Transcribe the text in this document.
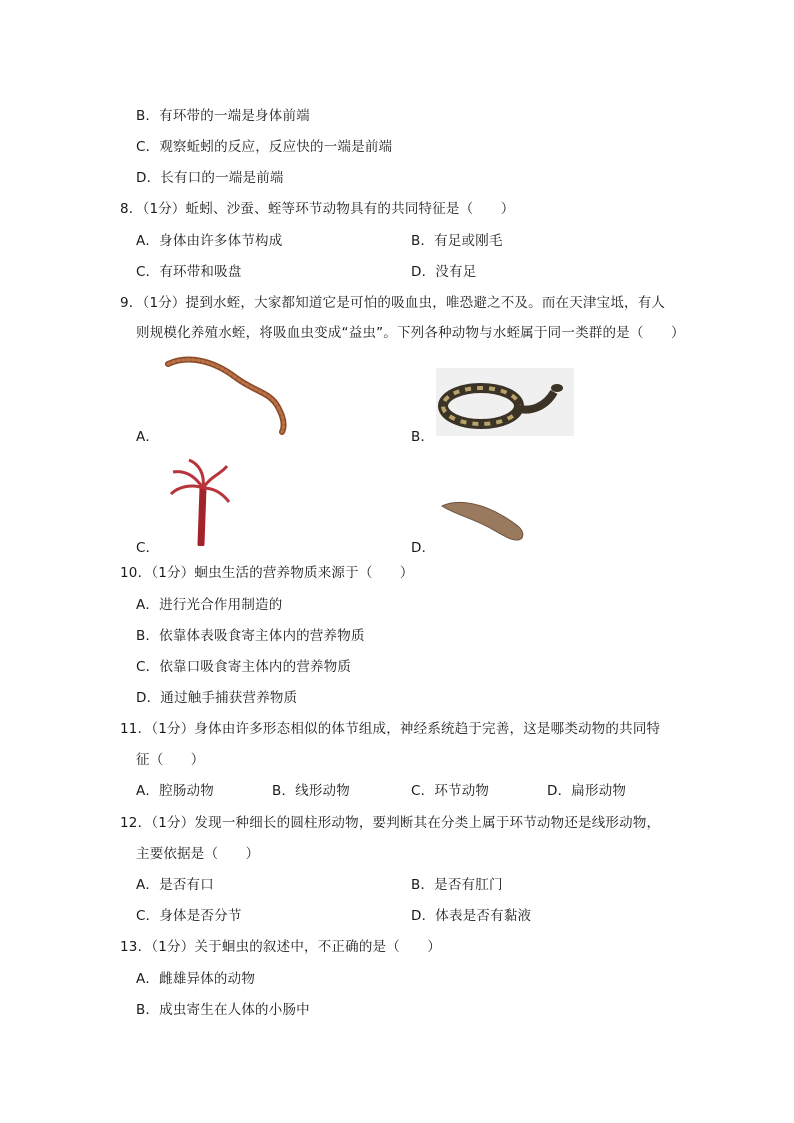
B．有环带的一端是身体前端
C．观察蚯蚓的反应，反应快的一端是前端
D．长有口的一端是前端
8．（1分）蚯蚓、沙蚕、蛭等环节动物具有的共同特征是（　　）
A．身体由许多体节构成	B．有足或刚毛
C．有环带和吸盘	D．没有足
9．（1分）提到水蛭，大家都知道它是可怕的吸血虫，唯恐避之不及。而在天津宝坻，有人
则规模化养殖水蛭，将吸血虫变成“益虫”。下列各种动物与水蛭属于同一类群的是（　　）
A．	B．
C．	D．
10．（1分）蛔虫生活的营养物质来源于（　　）
A．进行光合作用制造的
B．依靠体表吸食寄主体内的营养物质
C．依靠口吸食寄主体内的营养物质
D．通过触手捕获营养物质
11．（1分）身体由许多形态相似的体节组成，神经系统趋于完善，这是哪类动物的共同特
征（　　）
A．腔肠动物	B．线形动物	C．环节动物	D．扁形动物
12．（1分）发现一种细长的圆柱形动物，要判断其在分类上属于环节动物还是线形动物，
主要依据是（　　）
A．是否有口	B．是否有肛门
C．身体是否分节	D．体表是否有黏液
13．（1分）关于蛔虫的叙述中，不正确的是（　　）
A．雌雄异体的动物
B．成虫寄生在人体的小肠中
